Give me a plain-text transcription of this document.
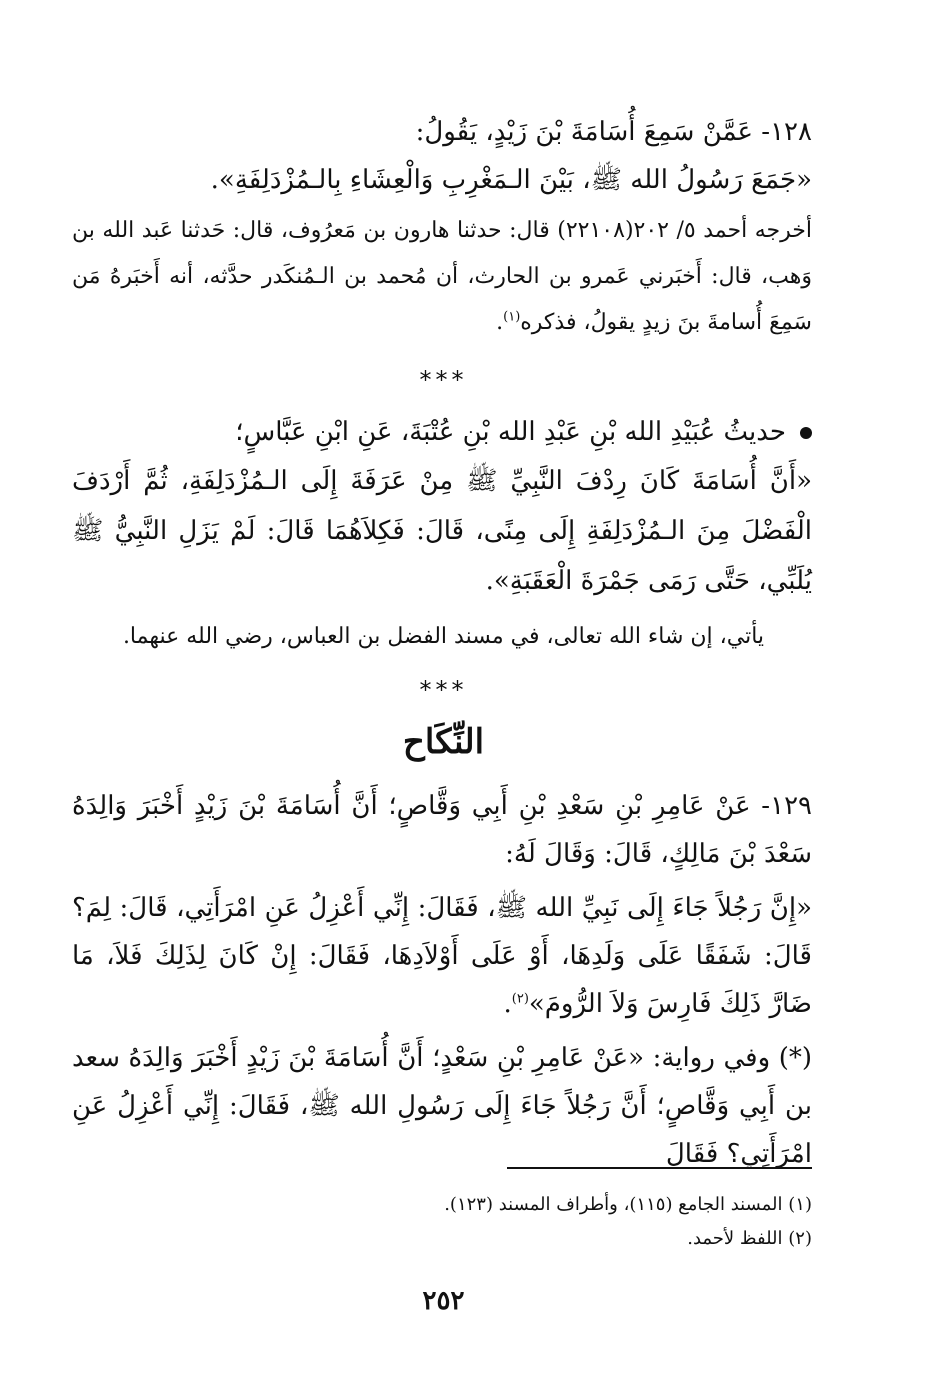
١٢٨- عَمَّنْ سَمِعَ أُسَامَةَ بْنَ زَيْدٍ، يَقُولُ:

«جَمَعَ رَسُولُ الله ﷺ، بَيْنَ الـمَغْرِبِ وَالْعِشَاءِ بِالـمُزْدَلِفَةِ».

أخرجه أحمد ٥/ ٢٠٢(٢٢١٠٨) قال: حدثنا هارون بن مَعرُوف، قال: حَدثنا عَبد الله بن وَهب، قال: أَخبَرني عَمرو بن الحارث، أن مُحمد بن الـمُنكَدر حدَّثه، أنه أَخبَرهُ مَن سَمِعَ أُسامةَ بنَ زيدٍ يقولُ، فذكره$^{(١)}$.

***

حديثُ عُبَيْدِ الله بْنِ عَبْدِ الله بْنِ عُتْبَةَ، عَنِ ابْنِ عَبَّاسٍ؛

«أَنَّ أُسَامَةَ كَانَ رِدْفَ النَّبِيِّ ﷺ مِنْ عَرَفَةَ إِلَى الـمُزْدَلِفَةِ، ثُمَّ أَرْدَفَ الْفَضْلَ مِنَ الـمُزْدَلِفَةِ إِلَى مِنًى، قَالَ: فَكِلاَهُمَا قَالَ: لَمْ يَزَلِ النَّبِيُّ ﷺ يُلَبِّي، حَتَّى رَمَى جَمْرَةَ الْعَقَبَةِ».

يأتي، إن شاء الله تعالى، في مسند الفضل بن العباس، رضي الله عنهما.
***
النِّكَاح

١٢٩- عَنْ عَامِرِ بْنِ سَعْدِ بْنِ أَبِي وَقَّاصٍ؛ أَنَّ أُسَامَةَ بْنَ زَيْدٍ أَخْبَرَ وَالِدَهُ سَعْدَ بْنَ مَالِكٍ، قَالَ: وَقَالَ لَهُ:

«إِنَّ رَجُلاً جَاءَ إِلَى نَبِيِّ الله ﷺ، فَقَالَ: إِنِّي أَعْزِلُ عَنِ امْرَأَتِي، قَالَ: لِمَ؟ قَالَ: شَفَقًا عَلَى وَلَدِهَا، أَوْ عَلَى أَوْلاَدِهَا، فَقَالَ: إِنْ كَانَ لِذَلِكَ فَلاَ، مَا ضَارَّ ذَلِكَ فَارِسَ وَلاَ الرُّومَ»$^{(٢)}$.

(*) وفي رواية: «عَنْ عَامِرِ بْنِ سَعْدٍ؛ أَنَّ أُسَامَةَ بْنَ زَيْدٍ أَخْبَرَ وَالِدَهُ سعد بن أَبِي وَقَّاصٍ؛ أَنَّ رَجُلاً جَاءَ إِلَى رَسُولِ الله ﷺ، فَقَالَ: إِنِّي أَعْزِلُ عَنِ امْرَأَتِي؟ فَقَالَ

(١) المسند الجامع (١١٥)، وأطراف المسند (١٢٣).
(٢) اللفظ لأحمد.
٢٥٢
